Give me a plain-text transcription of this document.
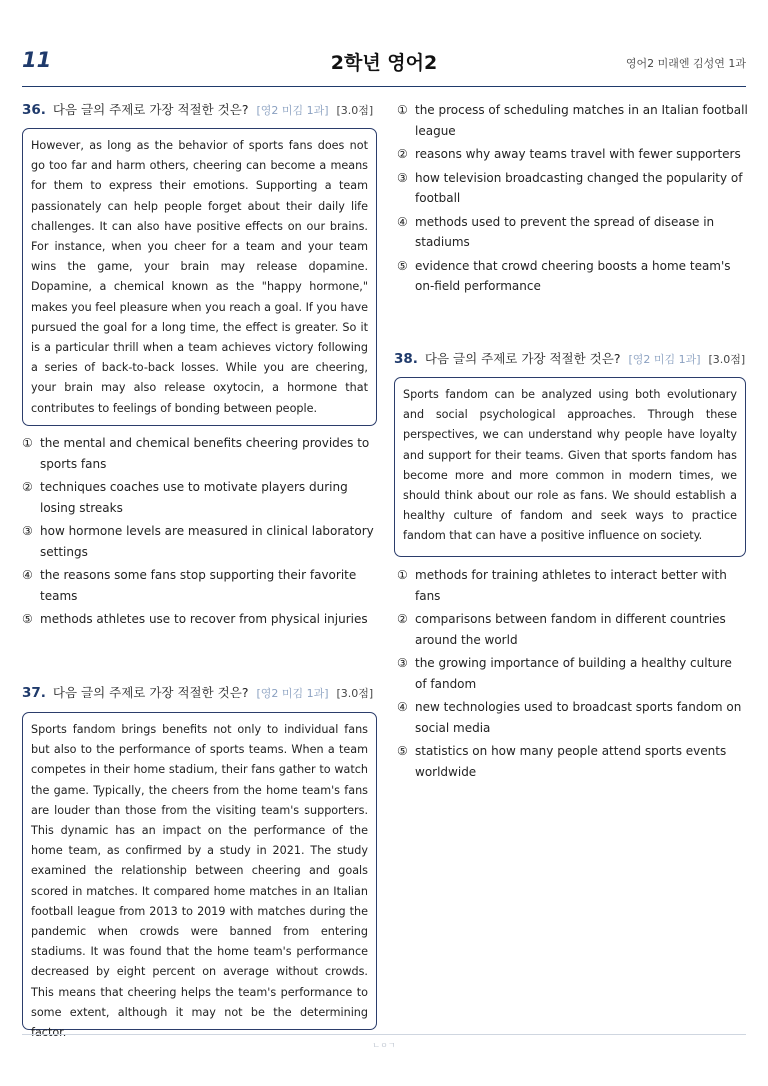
11	2학년 영어2	영어2 미래엔 김성연 1과
36. 다음 글의 주제로 가장 적절한 것은? [영2 미김 1과] [3.0점]
However, as long as the behavior of sports fans does not go too far and harm others, cheering can become a means for them to express their emotions. Supporting a team passionately can help people forget about their daily life challenges. It can also have positive effects on our brains. For instance, when you cheer for a team and your team wins the game, your brain may release dopamine. Dopamine, a chemical known as the "happy hormone," makes you feel pleasure when you reach a goal. If you have pursued the goal for a long time, the effect is greater. So it is a particular thrill when a team achieves victory following a series of back-to-back losses. While you are cheering, your brain may also release oxytocin, a hormone that contributes to feelings of bonding between people.
① the mental and chemical benefits cheering provides to sports fans
② techniques coaches use to motivate players during losing streaks
③ how hormone levels are measured in clinical laboratory settings
④ the reasons some fans stop supporting their favorite teams
⑤ methods athletes use to recover from physical injuries
37. 다음 글의 주제로 가장 적절한 것은? [영2 미김 1과] [3.0점]
Sports fandom brings benefits not only to individual fans but also to the performance of sports teams. When a team competes in their home stadium, their fans gather to watch the game. Typically, the cheers from the home team's fans are louder than those from the visiting team's supporters. This dynamic has an impact on the performance of the home team, as confirmed by a study in 2021. The study examined the relationship between cheering and goals scored in matches. It compared home matches in an Italian football league from 2013 to 2019 with matches during the pandemic when crowds were banned from entering stadiums. It was found that the home team's performance decreased by eight percent on average without crowds. This means that cheering helps the team's performance to some extent, although it may not be the determining factor.
① the process of scheduling matches in an Italian football league
② reasons why away teams travel with fewer supporters
③ how television broadcasting changed the popularity of football
④ methods used to prevent the spread of disease in stadiums
⑤ evidence that crowd cheering boosts a home team's on-field performance
38. 다음 글의 주제로 가장 적절한 것은? [영2 미김 1과] [3.0점]
Sports fandom can be analyzed using both evolutionary and social psychological approaches. Through these perspectives, we can understand why people have loyalty and support for their teams. Given that sports fandom has become more and more common in modern times, we should think about our role as fans. We should establish a healthy culture of fandom and seek ways to practice fandom that can have a positive influence on society.
① methods for training athletes to interact better with fans
② comparisons between fandom in different countries around the world
③ the growing importance of building a healthy culture of fandom
④ new technologies used to broadcast sports fandom on social media
⑤ statistics on how many people attend sports events worldwide
ㄴㅇㄱ
